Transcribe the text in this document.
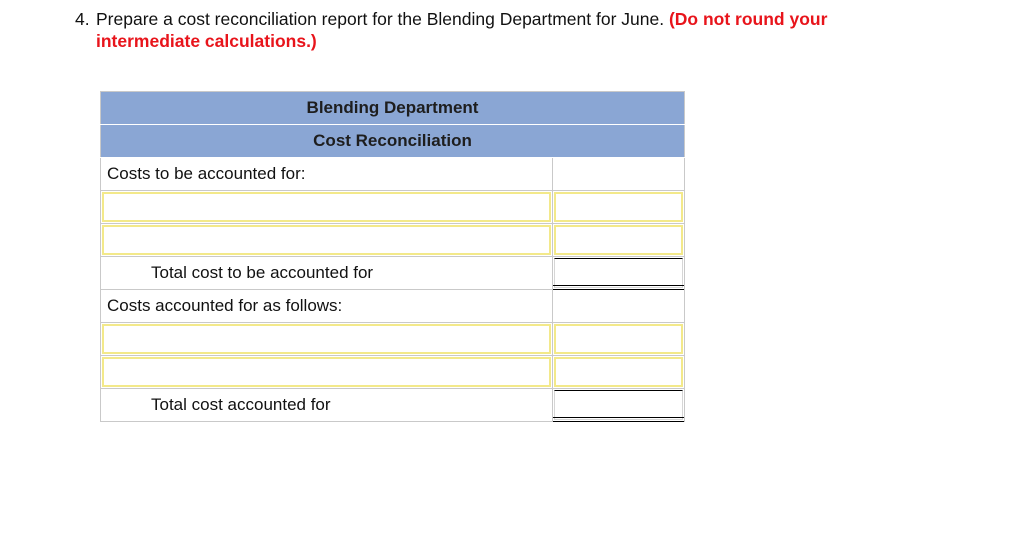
4. Prepare a cost reconciliation report for the Blending Department for June. (Do not round your
intermediate calculations.)
Blending Department	
Cost Reconciliation	
Costs to be accounted for:	

Total cost to be accounted for	

Costs accounted for as follows:	

Total cost accounted for	
